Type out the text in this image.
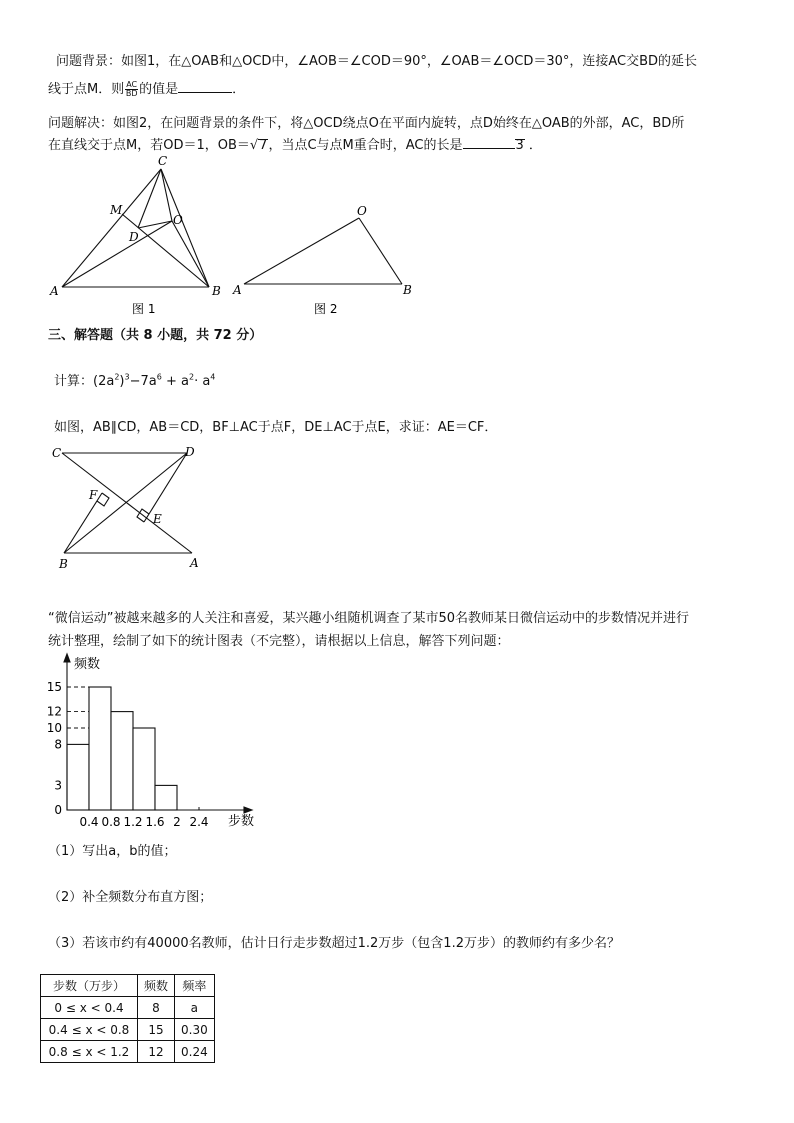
问题背景：如图1，在△OAB和△OCD中，∠AOB＝∠COD＝90°，∠OAB＝∠OCD＝30°，连接AC交BD的延长
线于点M．则 $\frac{AC}{BD}$ 的值是	．
问题解决：如图2，在问题背景的条件下，将△OCD绕点O在平面内旋转，点D始终在△OAB的外部，AC，BD所
在直线交于点M，若OD＝1，OB＝√7，当点C与点M重合时，AC的长是	3 ．
C
M
O
D
A	B
图 1
O
A	B
图 2
三、解答题（共 8 小题，共 72 分）
计算：$(2a^2)^3-7a^6 + a^2\cdot a^4$
如图，AB∥CD，AB＝CD，BF⊥AC于点F，DE⊥AC于点E，求证：AE＝CF．
C	D
F
E
B	A
“微信运动”被越来越多的人关注和喜爱，某兴趣小组随机调查了某市50名教师某日微信运动中的步数情况并进行
统计整理，绘制了如下的统计图表（不完整），请根据以上信息，解答下列问题：
0
3
8
10
12
15
0.4 0.8 1.2 1.6 2 2.4
频数
步数
（1）写出a，b的值；
（2）补全频数分布直方图；
（3）若该市约有40000名教师，估计日行走步数超过1.2万步（包含1.2万步）的教师约有多少名？
步数（万步）	频数	频率
0 ≤ x < 0.4	8	a
0.4 ≤ x < 0.8	15	0.30
0.8 ≤ x < 1.2	12	0.24
